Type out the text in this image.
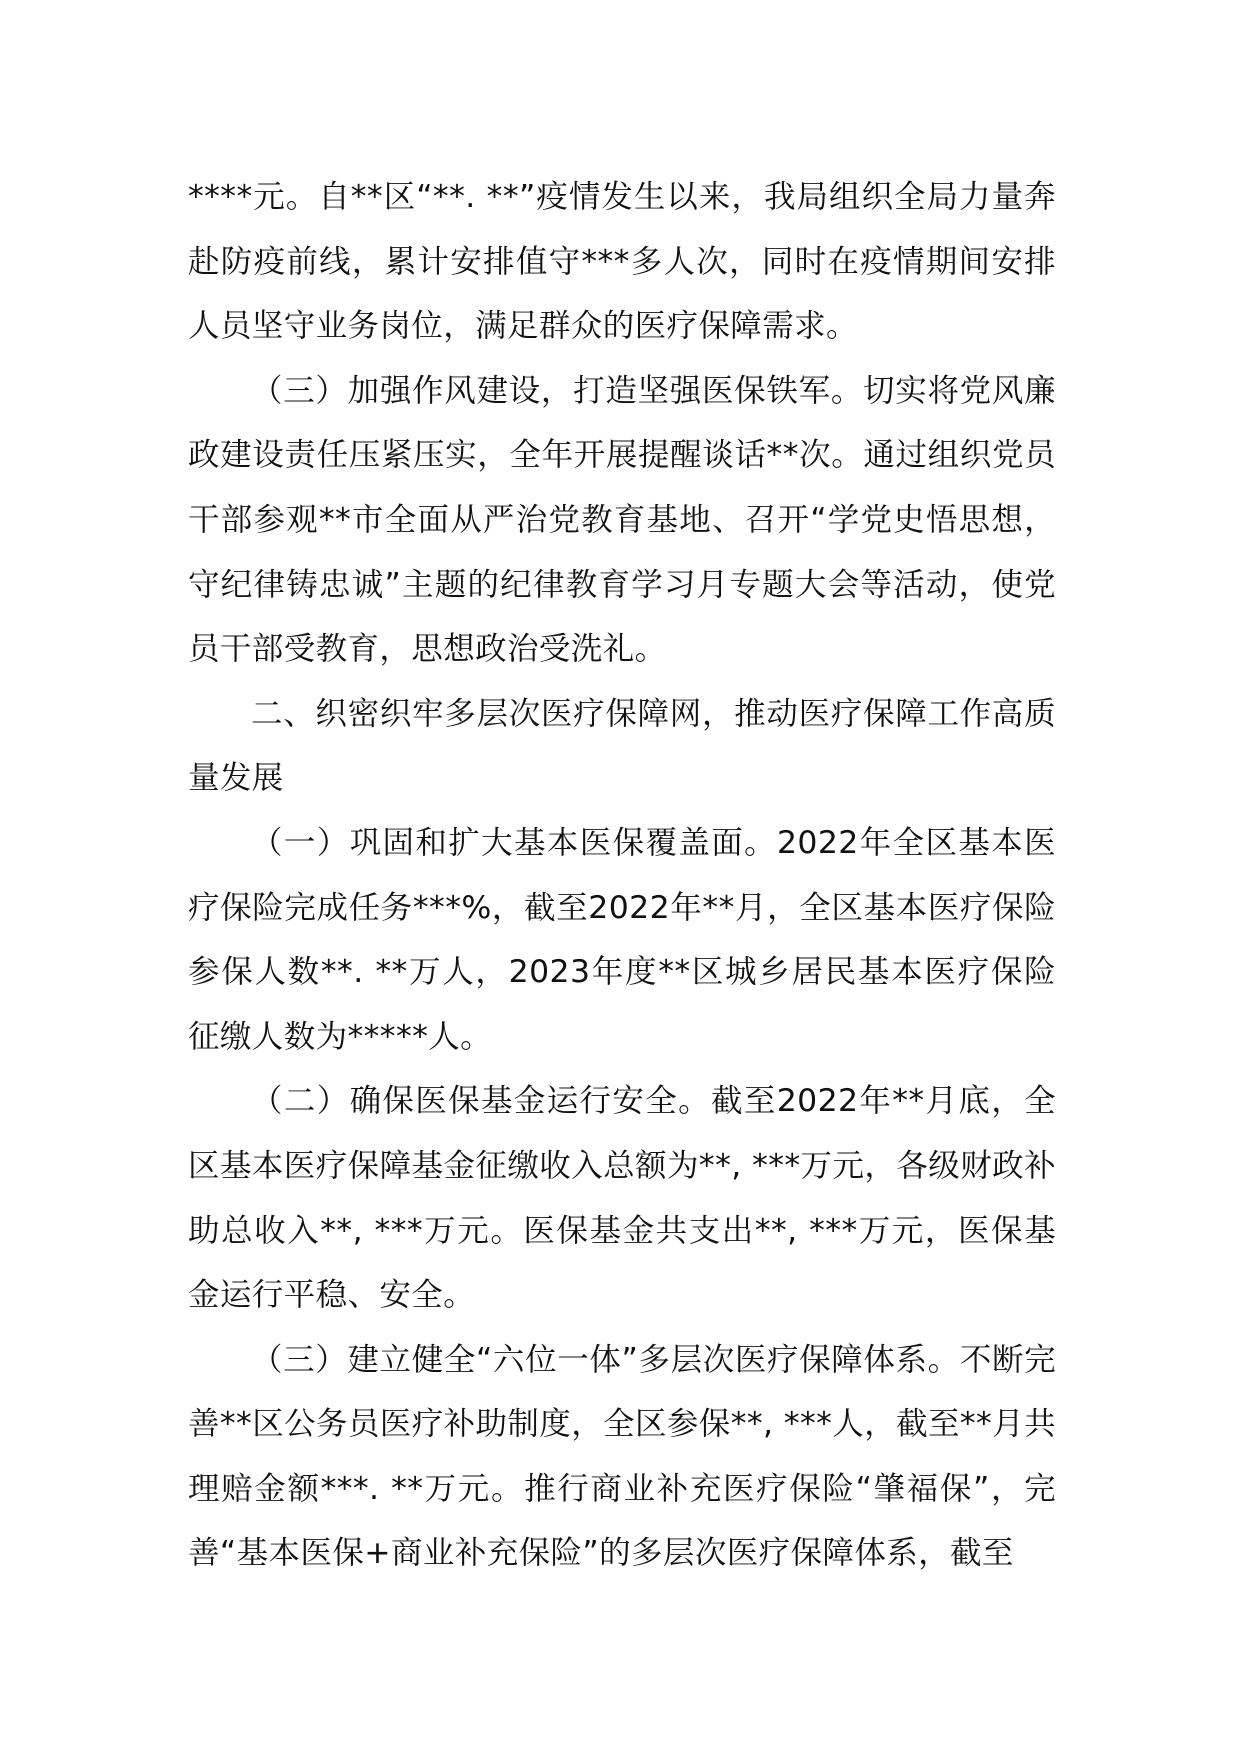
****元。自**区“**. **”疫情发生以来，我局组织全局力量奔赴防疫前线，累计安排值守***多人次，同时在疫情期间安排人员坚守业务岗位，满足群众的医疗保障需求。

（三）加强作风建设，打造坚强医保铁军。切实将党风廉政建设责任压紧压实，全年开展提醒谈话**次。通过组织党员干部参观**市全面从严治党教育基地、召开“学党史悟思想，守纪律铸忠诚”主题的纪律教育学习月专题大会等活动，使党员干部受教育，思想政治受洗礼。

二、织密织牢多层次医疗保障网，推动医疗保障工作高质量发展

（一）巩固和扩大基本医保覆盖面。2022年全区基本医疗保险完成任务***%，截至2022年**月，全区基本医疗保险参保人数**. **万人，2023年度**区城乡居民基本医疗保险征缴人数为*****人。

（二）确保医保基金运行安全。截至2022年**月底，全区基本医疗保障基金征缴收入总额为**, ***万元，各级财政补助总收入**, ***万元。医保基金共支出**, ***万元，医保基金运行平稳、安全。

（三）建立健全“六位一体”多层次医疗保障体系。不断完善**区公务员医疗补助制度，全区参保**, ***人，截至**月共理赔金额***. **万元。推行商业补充医疗保险“肇福保”，完善“基本医保+商业补充保险”的多层次医疗保障体系，截至
